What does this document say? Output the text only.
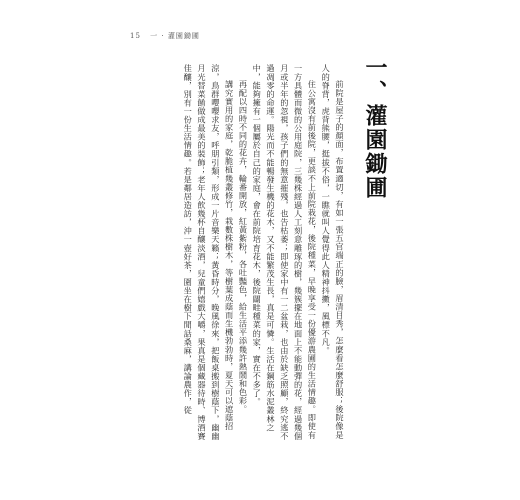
15 一 · 灌園鋤圃
一、灌園鋤圃

前院是屋子的顏面，布置適切，有如一張五官端正的臉，眉清目秀，怎麼看怎麼舒服；後院像是人的脊背，虎背熊腰，挺拔不俗，一瞧就叫人覺得此人精神抖擻，風標不凡。

住公寓沒有前後院，更談不上前院栽花，後院種菜，早晚享受一份優游農圃的生活情趣。即使有一方具體而微的公用庭院，三幾株經過人工刻意雕琢的樹，幾簇擺在地面上不能動彈的花，經過幾個月或半年的忽視，孩子們的無意摧殘，也告枯萎；即使家中有一二盆栽，也由於缺乏照顧，終究逃不過凋零的命運。陽光而不能暢發生機的花木，又不能繁茂生長，真是可憐。生活在鋼筋水泥叢林之中，能夠擁有一個屬於自己的家庭，會在前院培育花木，後院闢畦種菜的家，實在不多了。

再配以四時不同的花卉，輪番開放，紅黃紫粉，各吐豔色，給生活平添幾許熱鬧和色彩。

講究實用的家庭，乾脆植幾叢修竹，栽數株樹木，等樹葉成蔭而生機勃勃時，夏天可以遮蔭招涼，鳥群嚶嚶求友，呼朋引類，形成一片音樂天籟；黃昏時分，晚風徐來，把飯桌搬到樹蔭下，幽幽月光替菜餚做成最美的裝飾；老年人飲幾杯自釀淡酒，兒童們嬉戲大嚼，果真是個藏器待時、博酒賽佳釀，別有一份生活情趣。若是鄰居造訪，沖一壺好茶，圍坐在樹下閒話桑麻，講論農作，從
